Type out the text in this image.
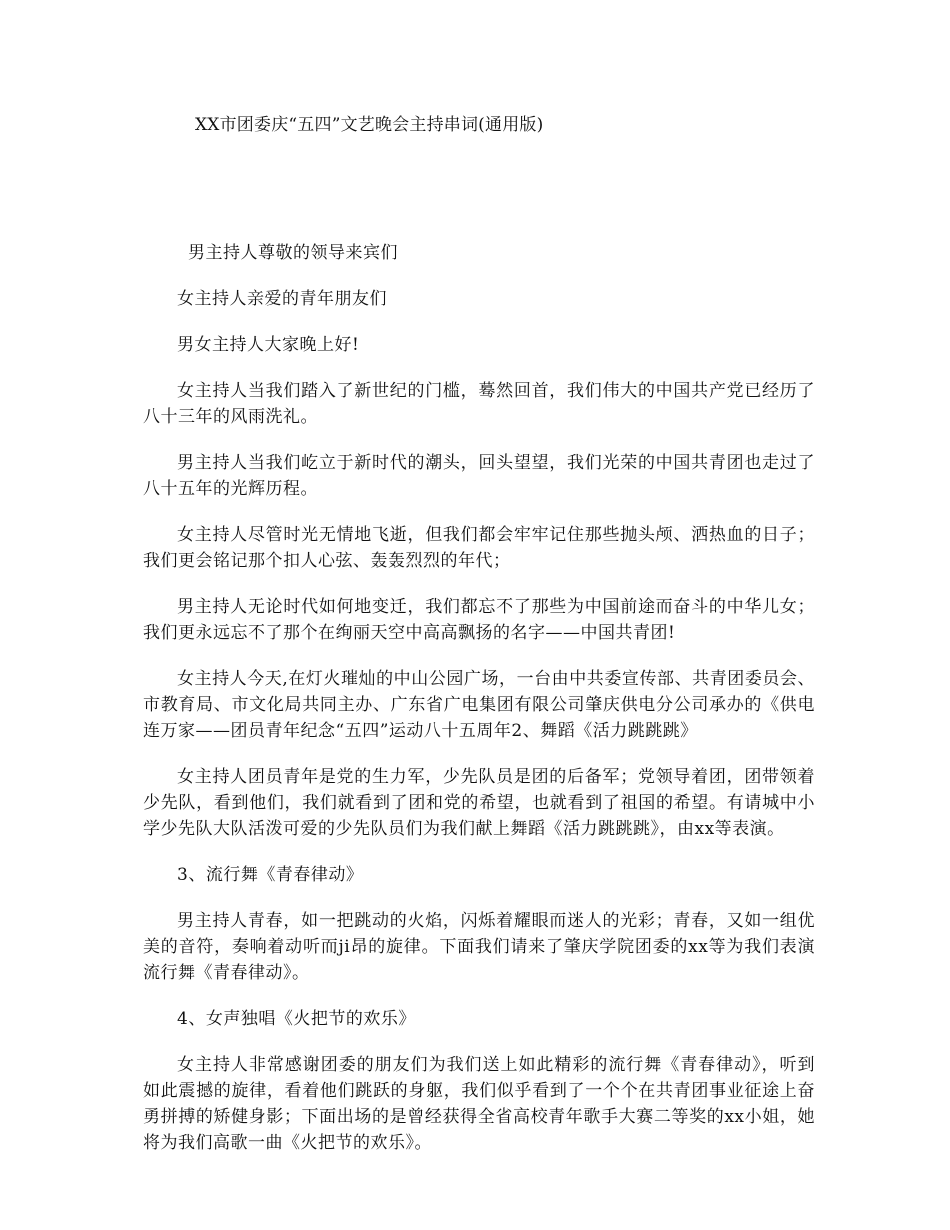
XX市团委庆“五四”文艺晚会主持串词(通用版)

男主持人尊敬的领导来宾们

女主持人亲爱的青年朋友们

男女主持人大家晚上好!

女主持人当我们踏入了新世纪的门槛，蓦然回首，我们伟大的中国共产党已经历了八十三年的风雨洗礼。

男主持人当我们屹立于新时代的潮头，回头望望，我们光荣的中国共青团也走过了八十五年的光辉历程。

女主持人尽管时光无情地飞逝，但我们都会牢牢记住那些抛头颅、洒热血的日子；我们更会铭记那个扣人心弦、轰轰烈烈的年代；

男主持人无论时代如何地变迁，我们都忘不了那些为中国前途而奋斗的中华儿女；我们更永远忘不了那个在绚丽天空中高高飘扬的名字——中国共青团!

女主持人今天,在灯火璀灿的中山公园广场，一台由中共委宣传部、共青团委员会、市教育局、市文化局共同主办、广东省广电集团有限公司肇庆供电分公司承办的《供电连万家——团员青年纪念“五四”运动八十五周年2、舞蹈《活力跳跳跳》

女主持人团员青年是党的生力军，少先队员是团的后备军；党领导着团，团带领着少先队，看到他们，我们就看到了团和党的希望，也就看到了祖国的希望。有请城中小学少先队大队活泼可爱的少先队员们为我们献上舞蹈《活力跳跳跳》，由xx等表演。

3、流行舞《青春律动》

男主持人青春，如一把跳动的火焰，闪烁着耀眼而迷人的光彩；青春，又如一组优美的音符，奏响着动听而ji昂的旋律。下面我们请来了肇庆学院团委的xx等为我们表演流行舞《青春律动》。

4、女声独唱《火把节的欢乐》

女主持人非常感谢团委的朋友们为我们送上如此精彩的流行舞《青春律动》，听到如此震撼的旋律，看着他们跳跃的身躯，我们似乎看到了一个个在共青团事业征途上奋勇拼搏的矫健身影；下面出场的是曾经获得全省高校青年歌手大赛二等奖的xx小姐，她将为我们高歌一曲《火把节的欢乐》。
